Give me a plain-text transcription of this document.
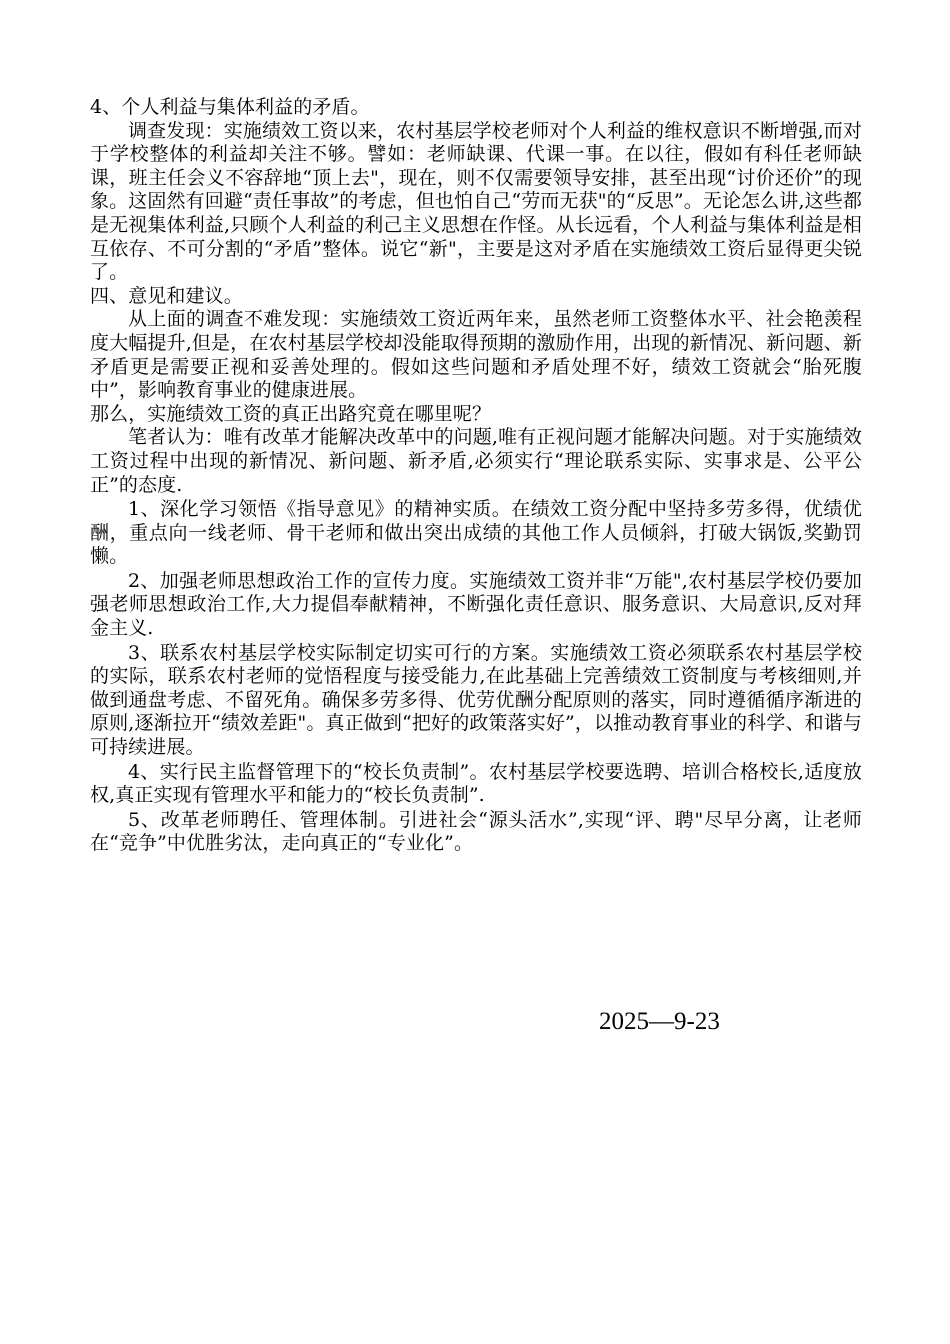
4、个人利益与集体利益的矛盾。

调查发现：实施绩效工资以来，农村基层学校老师对个人利益的维权意识不断增强,而对于学校整体的利益却关注不够。譬如：老师缺课、代课一事。在以往，假如有科任老师缺课，班主任会义不容辞地“顶上去"，现在，则不仅需要领导安排，甚至出现“讨价还价”的现象。这固然有回避“责任事故”的考虑，但也怕自己“劳而无获"的“反思”。无论怎么讲,这些都是无视集体利益,只顾个人利益的利己主义思想在作怪。从长远看，个人利益与集体利益是相互依存、不可分割的“矛盾”整体。说它“新"，主要是这对矛盾在实施绩效工资后显得更尖锐了。

四、意见和建议。

从上面的调查不难发现：实施绩效工资近两年来，虽然老师工资整体水平、社会艳羡程度大幅提升,但是，在农村基层学校却没能取得预期的激励作用，出现的新情况、新问题、新矛盾更是需要正视和妥善处理的。假如这些问题和矛盾处理不好，绩效工资就会“胎死腹中”，影响教育事业的健康进展。

那么，实施绩效工资的真正出路究竟在哪里呢？

笔者认为：唯有改革才能解决改革中的问题,唯有正视问题才能解决问题。对于实施绩效工资过程中出现的新情况、新问题、新矛盾,必须实行“理论联系实际、实事求是、公平公正”的态度.

1、深化学习领悟《指导意见》的精神实质。在绩效工资分配中坚持多劳多得，优绩优酬，重点向一线老师、骨干老师和做出突出成绩的其他工作人员倾斜，打破大锅饭,奖勤罚懒。

2、加强老师思想政治工作的宣传力度。实施绩效工资并非“万能",农村基层学校仍要加强老师思想政治工作,大力提倡奉献精神，不断强化责任意识、服务意识、大局意识,反对拜金主义.

3、联系农村基层学校实际制定切实可行的方案。实施绩效工资必须联系农村基层学校的实际，联系农村老师的觉悟程度与接受能力,在此基础上完善绩效工资制度与考核细则,并做到通盘考虑、不留死角。确保多劳多得、优劳优酬分配原则的落实，同时遵循循序渐进的原则,逐渐拉开“绩效差距"。真正做到“把好的政策落实好”，以推动教育事业的科学、和谐与可持续进展。

4、实行民主监督管理下的“校长负责制”。农村基层学校要选聘、培训合格校长,适度放权,真正实现有管理水平和能力的“校长负责制”.

5、改革老师聘任、管理体制。引进社会“源头活水”,实现“评、聘"尽早分离，让老师在“竞争”中优胜劣汰，走向真正的“专业化”。

2025—9-23
